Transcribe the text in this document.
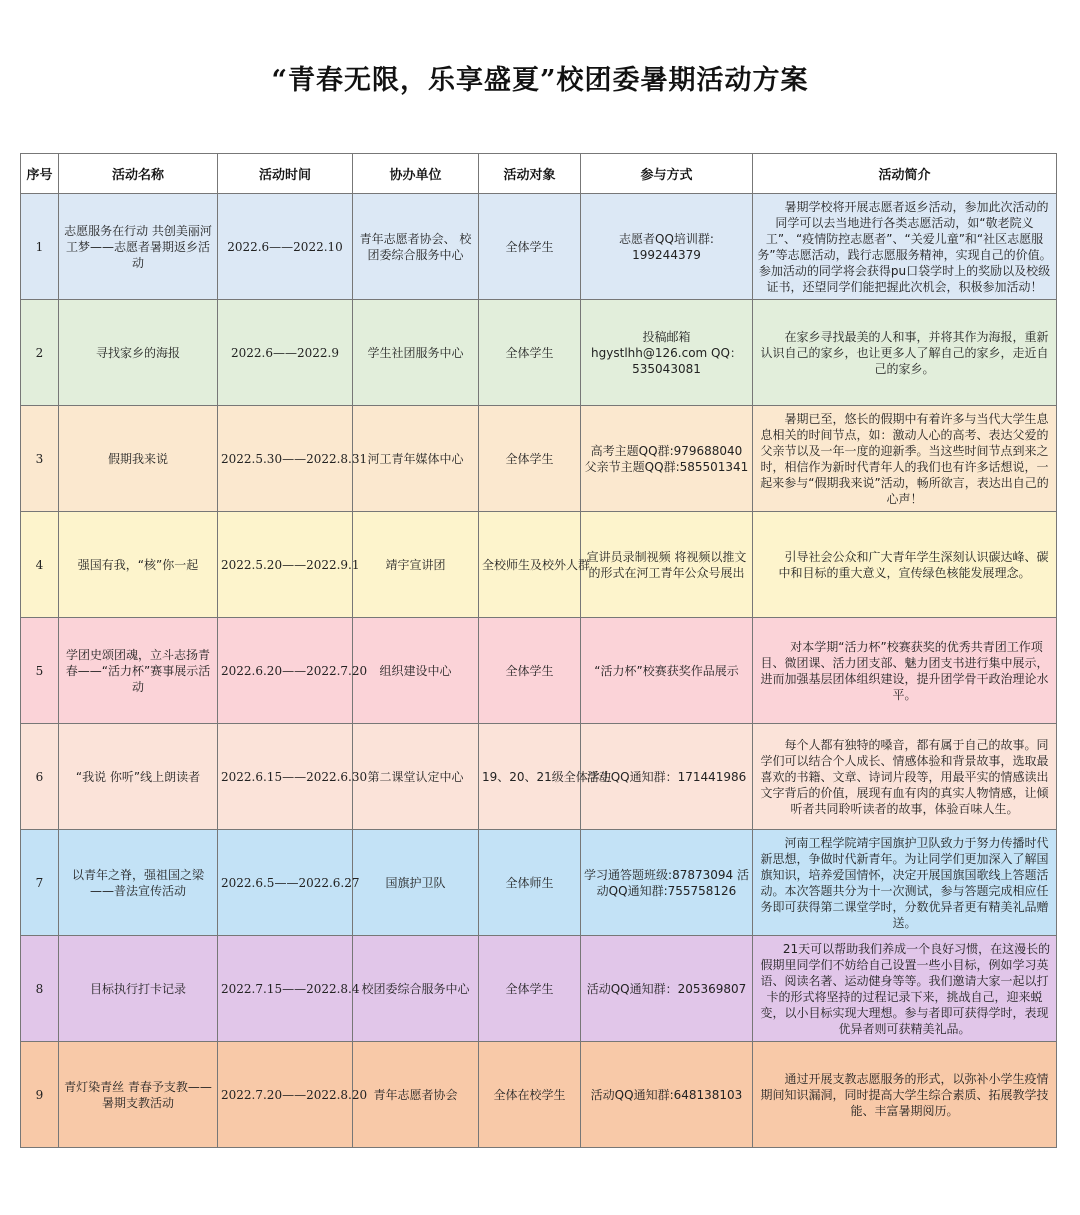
“青春无限，乐享盛夏”校团委暑期活动方案
序号	活动名称	活动时间	协办单位	活动对象	参与方式	活动简介
1	志愿服务在行动 共创美丽河工梦——志愿者暑期返乡活动	2022.6——2022.10	青年志愿者协会、 校团委综合服务中心	全体学生	志愿者QQ培训群: 199244379	暑期学校将开展志愿者返乡活动，参加此次活动的同学可以去当地进行各类志愿活动，如“敬老院义工”、“疫情防控志愿者”、“关爱儿童”和“社区志愿服务”等志愿活动，践行志愿服务精神，实现自己的价值。参加活动的同学将会获得pu口袋学时上的奖励以及校级证书，还望同学们能把握此次机会，积极参加活动！

2	寻找家乡的海报	2022.6——2022.9	学生社团服务中心	全体学生	投稿邮箱 hgystlhh@126.com QQ：535043081	在家乡寻找最美的人和事，并将其作为海报，重新认识自己的家乡，也让更多人了解自己的家乡，走近自己的家乡。

3	假期我来说	2022.5.30——2022.8.31	河工青年媒体中心	全体学生	高考主题QQ群:979688040 父亲节主题QQ群:585501341	暑期已至，悠长的假期中有着许多与当代大学生息息相关的时间节点，如：激动人心的高考、表达父爱的父亲节以及一年一度的迎新季。当这些时间节点到来之时，相信作为新时代青年人的我们也有许多话想说，一起来参与“假期我来说”活动，畅所欲言，表达出自己的心声！

4	强国有我，“核”你一起	2022.5.20——2022.9.1	靖宇宣讲团	全校师生及校外人群	宣讲员录制视频 将视频以推文的形式在河工青年公众号展出	引导社会公众和广大青年学生深刻认识碳达峰、碳中和目标的重大意义，宣传绿色核能发展理念。

5	学团史颂团魂，立斗志扬青春——“活力杯”赛事展示活动	2022.6.20——2022.7.20	组织建设中心	全体学生	“活力杯”校赛获奖作品展示	对本学期“活力杯”校赛获奖的优秀共青团工作项目、微团课、活力团支部、魅力团支书进行集中展示，进而加强基层团体组织建设，提升团学骨干政治理论水平。

6	“我说 你听”线上朗读者	2022.6.15——2022.6.30	第二课堂认定中心	19、20、21级全体学生	活动QQ通知群：171441986	每个人都有独特的嗓音，都有属于自己的故事。同学们可以结合个人成长、情感体验和背景故事，选取最喜欢的书籍、文章、诗词片段等，用最平实的情感读出文字背后的价值，展现有血有肉的真实人物情感，让倾听者共同聆听读者的故事，体验百味人生。

7	以青年之脊，强祖国之梁——普法宣传活动	2022.6.5——2022.6.27	国旗护卫队	全体师生	学习通答题班级:87873094 活动QQ通知群:755758126	河南工程学院靖宇国旗护卫队致力于努力传播时代新思想，争做时代新青年。为让同学们更加深入了解国旗知识，培养爱国情怀，决定开展国旗国歌线上答题活动。本次答题共分为十一次测试，参与答题完成相应任务即可获得第二课堂学时，分数优异者更有精美礼品赠送。

8	目标执行打卡记录	2022.7.15——2022.8.4	校团委综合服务中心	全体学生	活动QQ通知群：205369807	21天可以帮助我们养成一个良好习惯，在这漫长的假期里同学们不妨给自己设置一些小目标，例如学习英语、阅读名著、运动健身等等。我们邀请大家一起以打卡的形式将坚持的过程记录下来，挑战自己，迎来蜕变，以小目标实现大理想。参与者即可获得学时，表现优异者则可获精美礼品。

9	青灯染青丝 青春予支教——暑期支教活动	2022.7.20——2022.8.20	青年志愿者协会	全体在校学生	活动QQ通知群:648138103	通过开展支教志愿服务的形式，以弥补小学生疫情期间知识漏洞，同时提高大学生综合素质、拓展教学技能、丰富暑期阅历。
